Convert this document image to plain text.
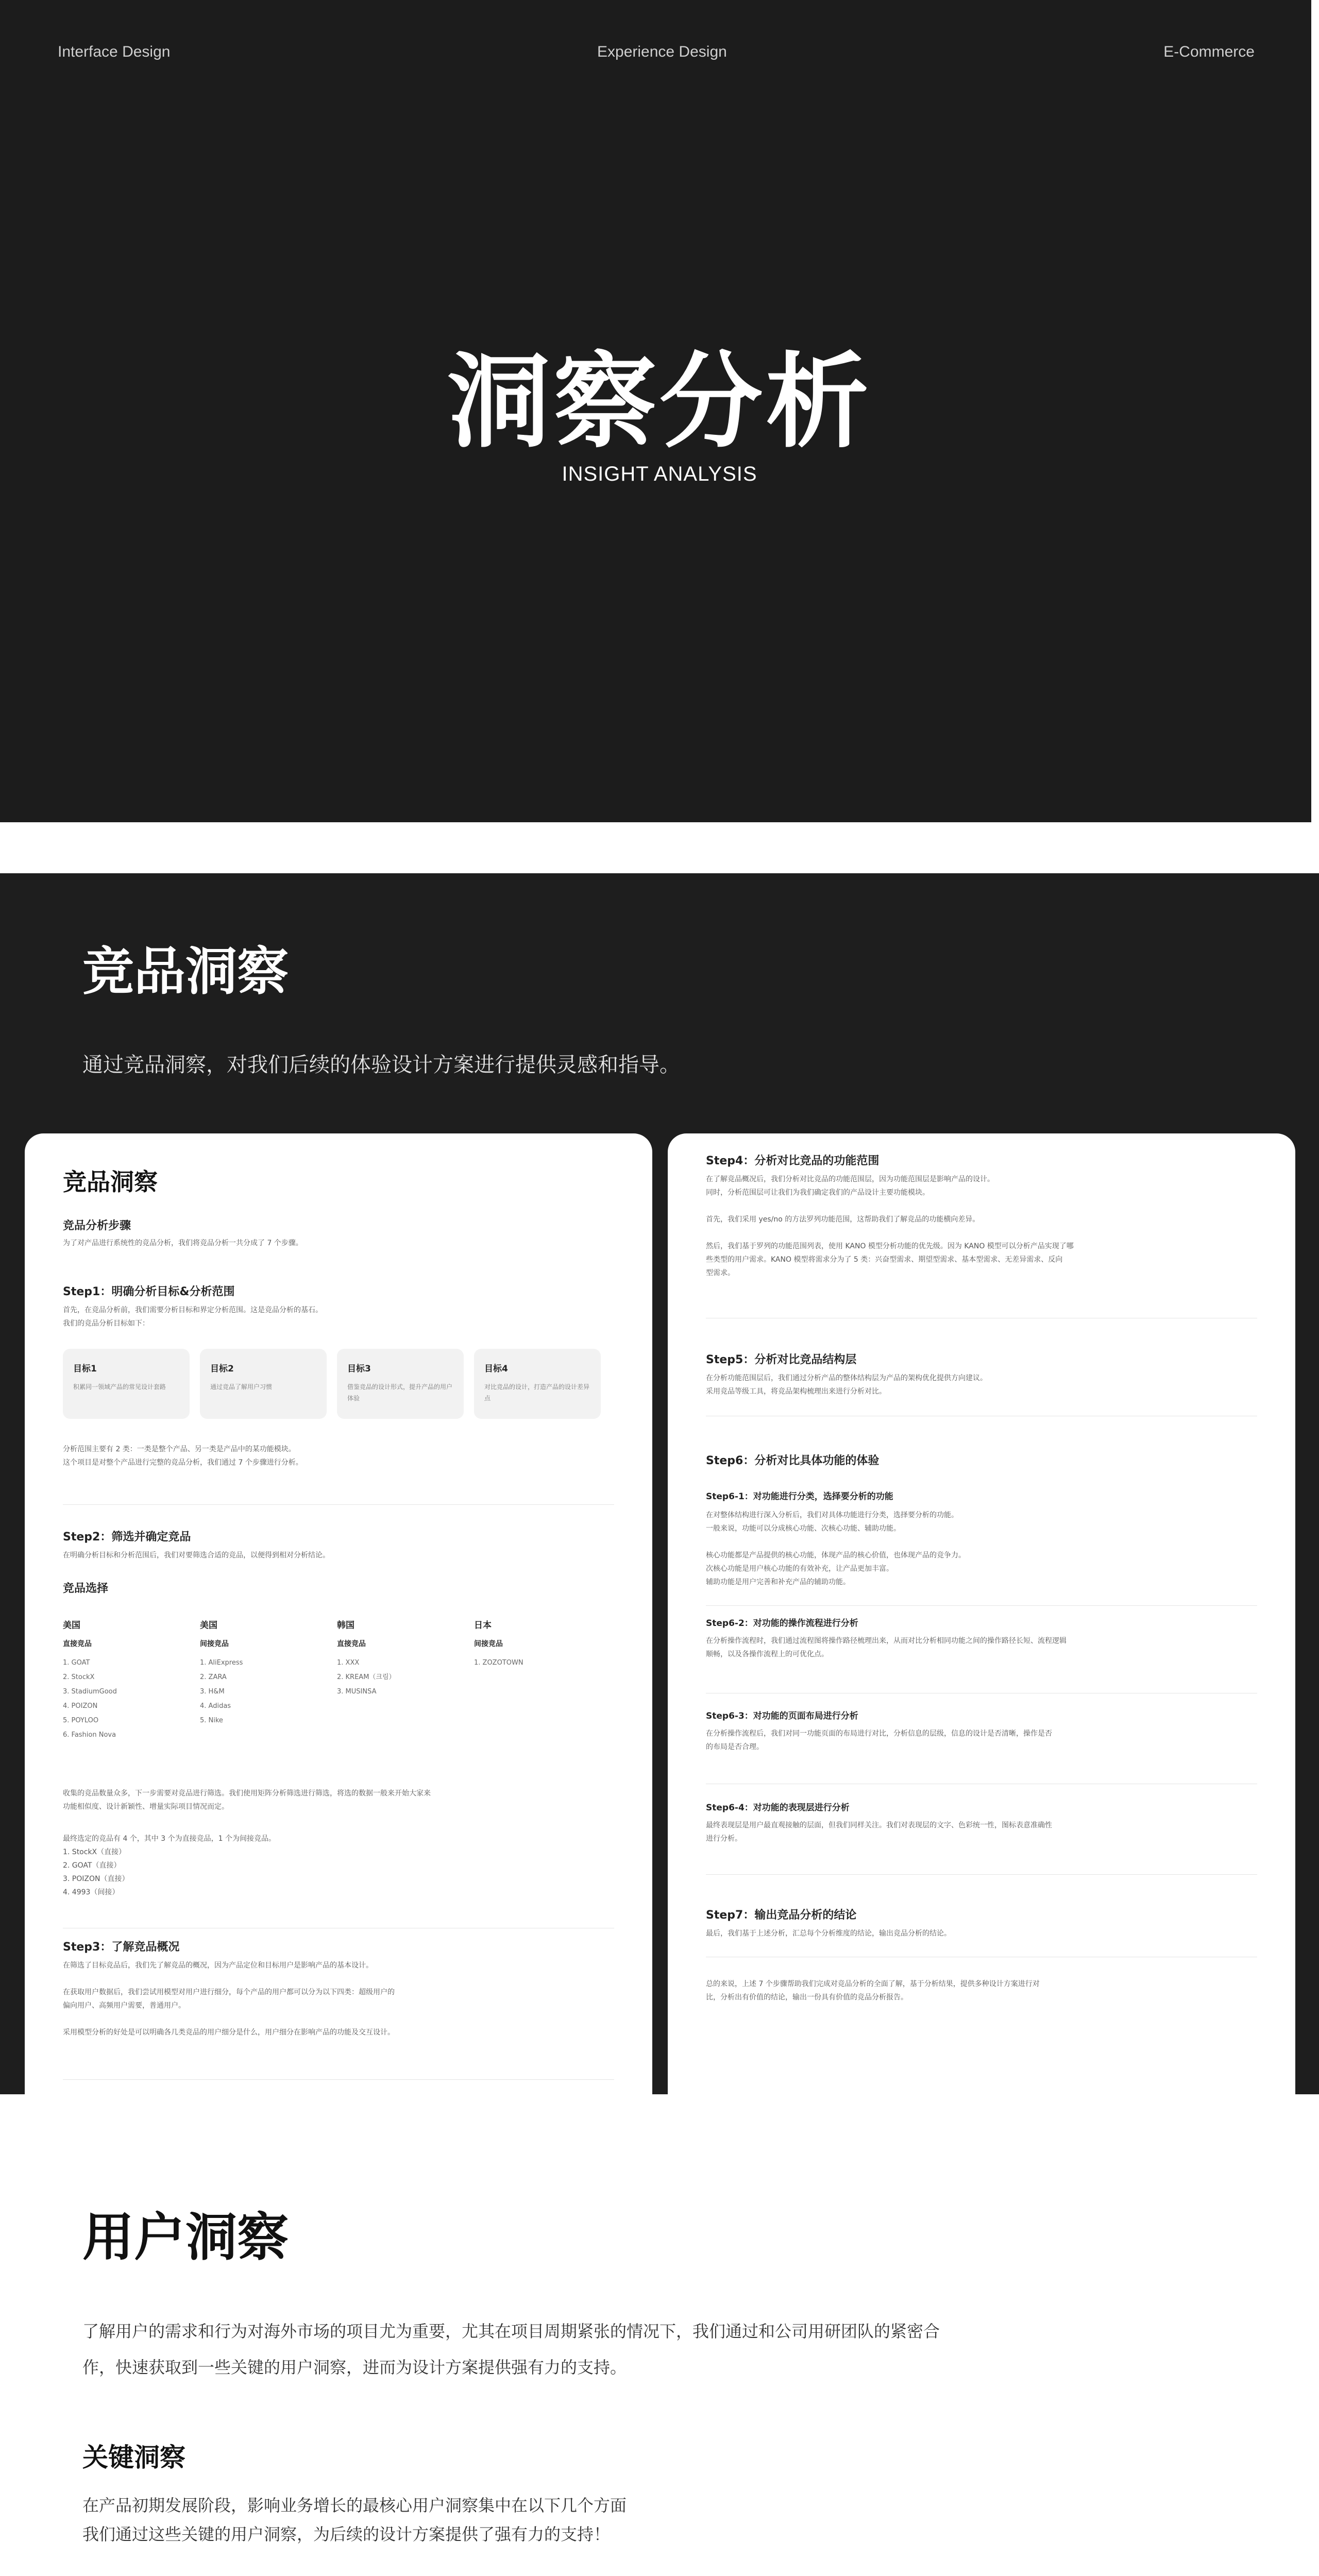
Interface Design	Experience Design	E-Commerce
洞察分析
INSIGHT ANALYSIS
竞品洞察
通过竞品洞察，对我们后续的体验设计方案进行提供灵感和指导。
竞品洞察
竞品分析步骤
为了对产品进行系统性的竞品分析，我们将竞品分析一共分成了 7 个步骤。
Step1：明确分析目标&分析范围
首先，在竞品分析前，我们需要分析目标和界定分析范围。这是竞品分析的基石。
我们的竞品分析目标如下：
目标1
积累同一领域产品的常见设计套路
目标2
通过竞品了解用户习惯
目标3
借鉴竞品的设计形式，提升产品的用户体验
目标4
对比竞品的设计，打造产品的设计差异点
分析范围主要有 2 类：一类是整个产品、另一类是产品中的某功能模块。
这个项目是对整个产品进行完整的竞品分析，我们通过 7 个步骤进行分析。
Step2：筛选并确定竞品
在明确分析目标和分析范围后，我们对要筛选合适的竞品，以便得到相对分析结论。
竞品选择
美国
直接竞品
1. GOAT
2. StockX
3. StadiumGood
4. POIZON
5. POYLOO
6. Fashion Nova
美国
间接竞品
1. AliExpress
2. ZARA
3. H&M
4. Adidas
5. Nike
韩国
直接竞品
1. XXX
2. KREAM（크림）
3. MUSINSA
日本
间接竞品
1. ZOZOTOWN
收集的竞品数量众多，下一步需要对竞品进行筛选。我们使用矩阵分析筛选进行筛选，将选的数据一般来开始大家来
功能相似度、设计新颖性、增量实际项目情况而定。
最终选定的竞品有 4 个，其中 3 个为直接竞品，1 个为间接竞品。
1. StockX（直接）
2. GOAT（直接）
3. POIZON（直接）
4. 4993（间接）
Step3：了解竞品概况
在筛选了目标竞品后，我们先了解竞品的概况，因为产品定位和目标用户是影响产品的基本设计。

在获取用户数据后，我们尝试用模型对用户进行细分，每个产品的用户都可以分为以下四类：超级用户的
偏向用户、高频用户需要，普通用户。

采用模型分析的好处是可以明确各几类竞品的用户细分是什么，用户细分在影响产品的功能及交互设计。
Step4：分析对比竞品的功能范围
在了解竞品概况后，我们分析对比竞品的功能范围层，因为功能范围层是影响产品的设计。
同时，分析范围层可让我们为我们确定我们的产品设计主要功能模块。

首先，我们采用 yes/no 的方法罗列功能范围，这帮助我们了解竞品的功能横向差异。

然后，我们基于罗列的功能范围列表，使用 KANO 模型分析功能的优先级。因为 KANO 模型可以分析产品实现了哪
些类型的用户需求。KANO 模型将需求分为了 5 类：兴奋型需求、期望型需求、基本型需求、无差异需求、反向
型需求。
Step5：分析对比竞品结构层
在分析功能范围层后，我们通过分析产品的整体结构层为产品的架构优化提供方向建议。
采用竞品等级工具，将竞品架构梳理出来进行分析对比。
Step6：分析对比具体功能的体验
Step6-1：对功能进行分类，选择要分析的功能
在对整体结构进行深入分析后，我们对具体功能进行分类，选择要分析的功能。
一般来说，功能可以分成核心功能、次核心功能、辅助功能。

核心功能都是产品提供的核心功能，体现产品的核心价值，也体现产品的竞争力。
次核心功能是用户核心功能的有效补充，让产品更加丰富。
辅助功能是用户完善和补充产品的辅助功能。
Step6-2：对功能的操作流程进行分析
在分析操作流程时，我们通过流程图将操作路径梳理出来，从而对比分析相同功能之间的操作路径长短、流程逻辑
顺畅，以及各操作流程上的可优化点。
Step6-3：对功能的页面布局进行分析
在分析操作流程后，我们对同一功能页面的布局进行对比，分析信息的层级，信息的设计是否清晰，操作是否
的布局是否合理。
Step6-4：对功能的表现层进行分析
最终表现层是用户最直观接触的层面，但我们同样关注。我们对表现层的文字、色彩统一性，图标表意准确性
进行分析。
Step7：输出竞品分析的结论
最后，我们基于上述分析，汇总每个分析维度的结论，输出竞品分析的结论。
总的来说，上述 7 个步骤帮助我们完成对竞品分析的全面了解，基于分析结果，提供多种设计方案进行对
比，分析出有价值的结论，输出一份具有价值的竞品分析报告。
用户洞察
了解用户的需求和行为对海外市场的项目尤为重要，尤其在项目周期紧张的情况下，我们通过和公司用研团队的紧密合作，快速获取到一些关键的用户洞察，进而为设计方案提供强有力的支持。
关键洞察
在产品初期发展阶段，影响业务增长的最核心用户洞察集中在以下几个方面
我们通过这些关键的用户洞察，为后续的设计方案提供了强有力的支持！
